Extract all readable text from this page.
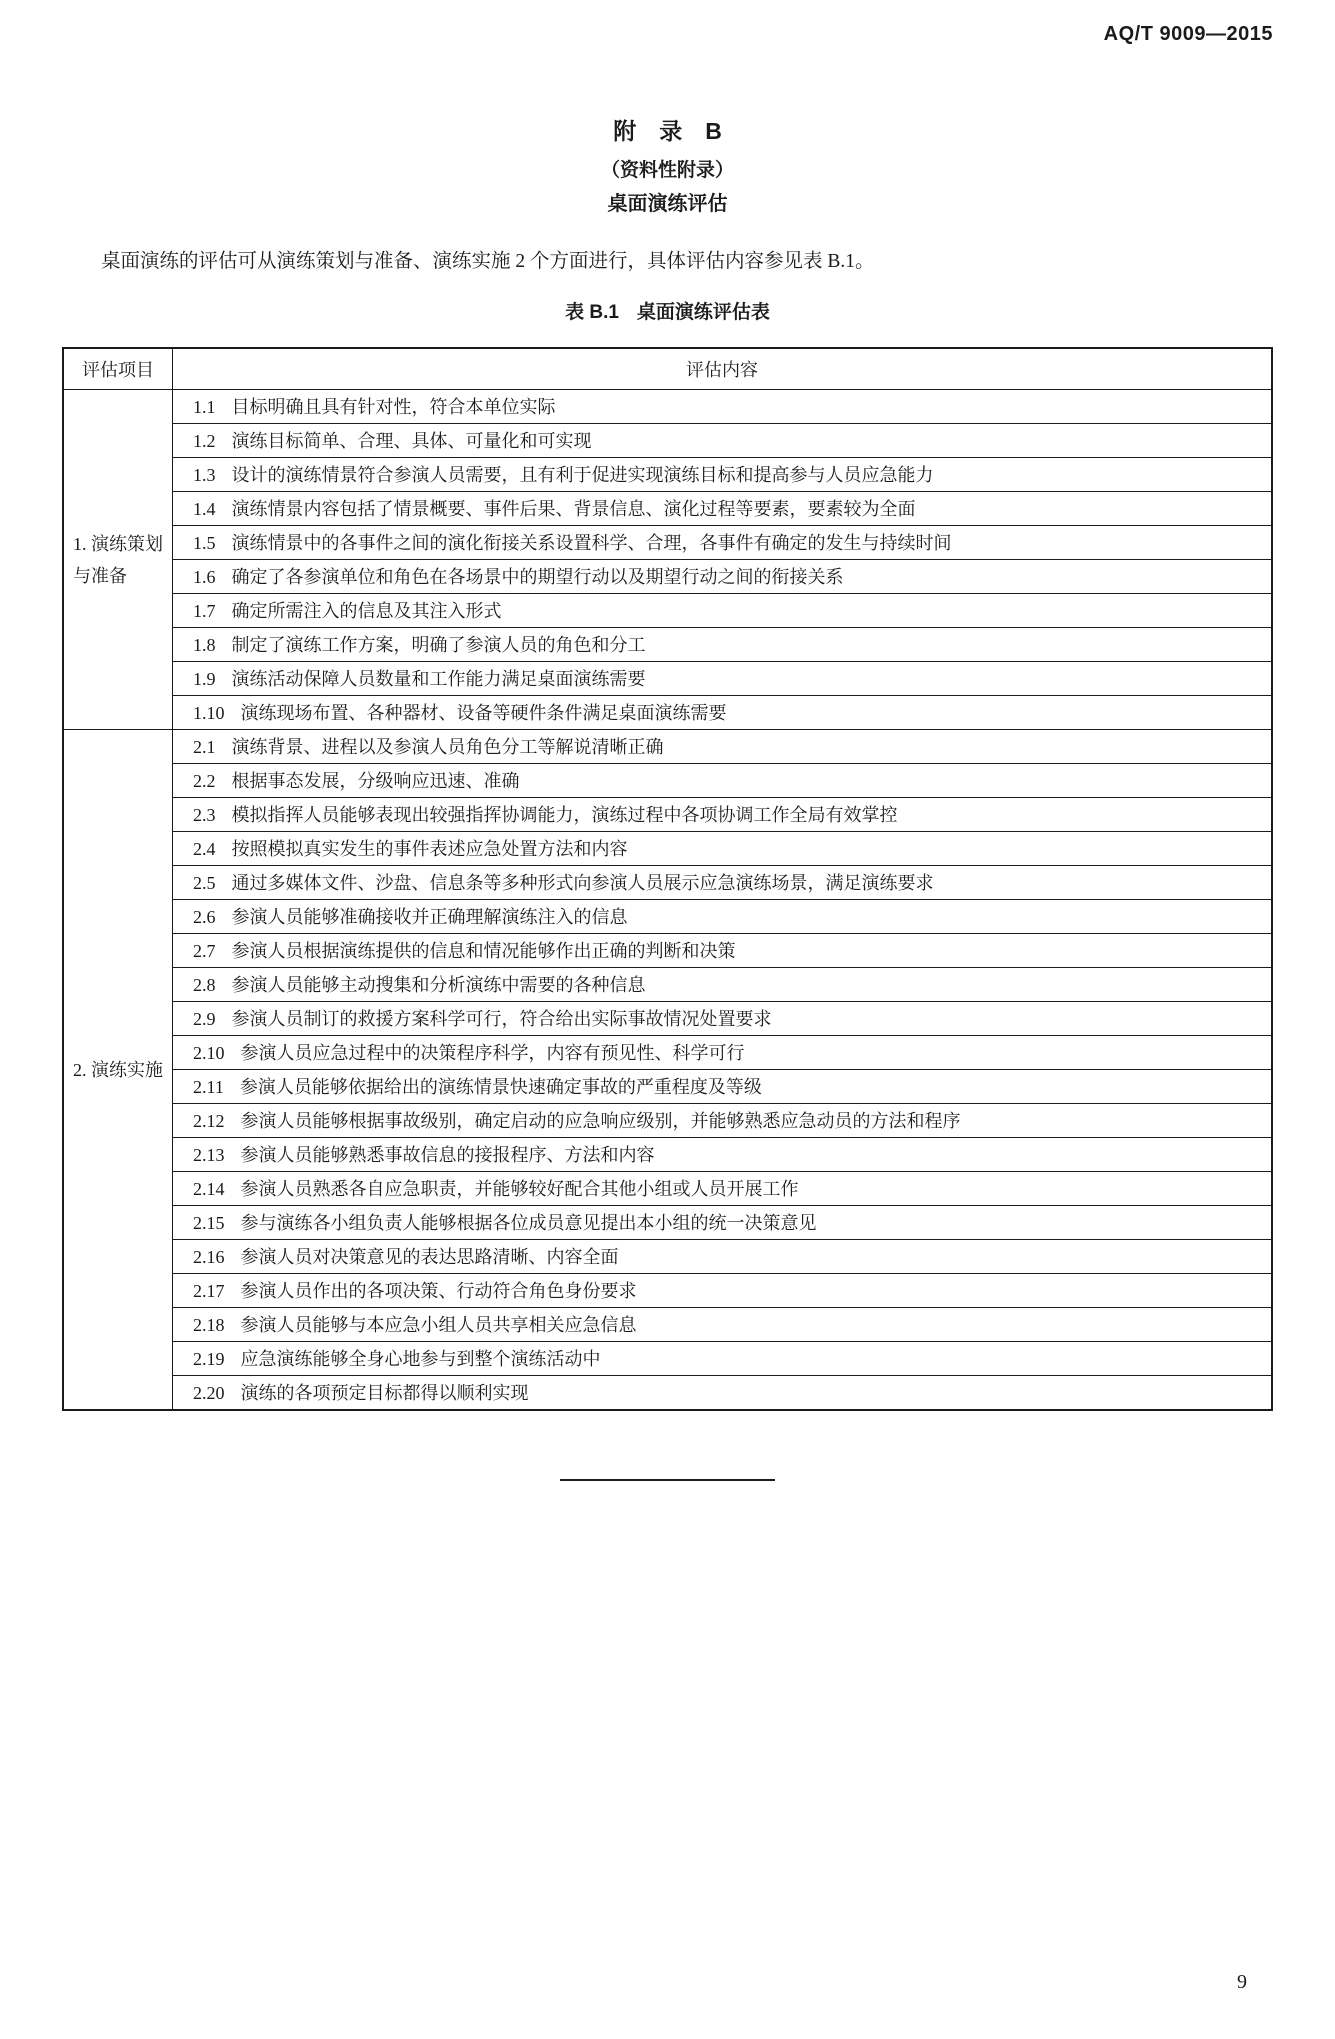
AQ/T 9009—2015
附　录　B
（资料性附录）
桌面演练评估

桌面演练的评估可从演练策划与准备、演练实施 2 个方面进行，具体评估内容参见表 B.1。

表 B.1 桌面演练评估表
评估项目	评估内容
1. 演练策划与准备	1.1 目标明确且具有针对性，符合本单位实际
	1.2 演练目标简单、合理、具体、可量化和可实现
	1.3 设计的演练情景符合参演人员需要，且有利于促进实现演练目标和提高参与人员应急能力
	1.4 演练情景内容包括了情景概要、事件后果、背景信息、演化过程等要素，要素较为全面
	1.5 演练情景中的各事件之间的演化衔接关系设置科学、合理，各事件有确定的发生与持续时间
	1.6 确定了各参演单位和角色在各场景中的期望行动以及期望行动之间的衔接关系
	1.7 确定所需注入的信息及其注入形式
	1.8 制定了演练工作方案，明确了参演人员的角色和分工
	1.9 演练活动保障人员数量和工作能力满足桌面演练需要
	1.10 演练现场布置、各种器材、设备等硬件条件满足桌面演练需要
2. 演练实施	2.1 演练背景、进程以及参演人员角色分工等解说清晰正确
	2.2 根据事态发展，分级响应迅速、准确
	2.3 模拟指挥人员能够表现出较强指挥协调能力，演练过程中各项协调工作全局有效掌控
	2.4 按照模拟真实发生的事件表述应急处置方法和内容
	2.5 通过多媒体文件、沙盘、信息条等多种形式向参演人员展示应急演练场景，满足演练要求
	2.6 参演人员能够准确接收并正确理解演练注入的信息
	2.7 参演人员根据演练提供的信息和情况能够作出正确的判断和决策
	2.8 参演人员能够主动搜集和分析演练中需要的各种信息
	2.9 参演人员制订的救援方案科学可行，符合给出实际事故情况处置要求
	2.10 参演人员应急过程中的决策程序科学，内容有预见性、科学可行
	2.11 参演人员能够依据给出的演练情景快速确定事故的严重程度及等级
	2.12 参演人员能够根据事故级别，确定启动的应急响应级别，并能够熟悉应急动员的方法和程序
	2.13 参演人员能够熟悉事故信息的接报程序、方法和内容
	2.14 参演人员熟悉各自应急职责，并能够较好配合其他小组或人员开展工作
	2.15 参与演练各小组负责人能够根据各位成员意见提出本小组的统一决策意见
	2.16 参演人员对决策意见的表达思路清晰、内容全面
	2.17 参演人员作出的各项决策、行动符合角色身份要求
	2.18 参演人员能够与本应急小组人员共享相关应急信息
	2.19 应急演练能够全身心地参与到整个演练活动中
	2.20 演练的各项预定目标都得以顺利实现
9
